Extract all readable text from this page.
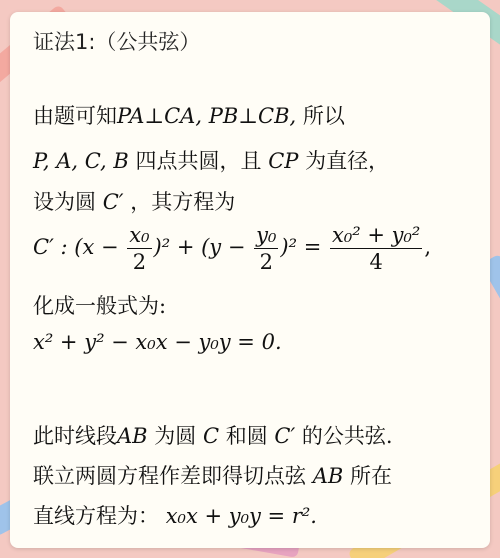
证法1:（公共弦）
由题可知PA⊥CA, PB⊥CB, 所以
P, A, C, B 四点共圆，且 CP 为直径，
设为圆 C′ ，其方程为
C′ : $(x - \frac{\text{x₀}}{2} )^2 + (y - \frac{\text{y₀}}{2} )^2 = \frac{\text{x₀² + y₀²}}{4}$ ,
化成一般式为:
x² + y² − x₀x − y₀y = 0.
此时线段AB 为圆 C 和圆 C′ 的公共弦.
联立两圆方程作差即得切点弦 AB 所在
直线方程为： x₀x + y₀y = r².
